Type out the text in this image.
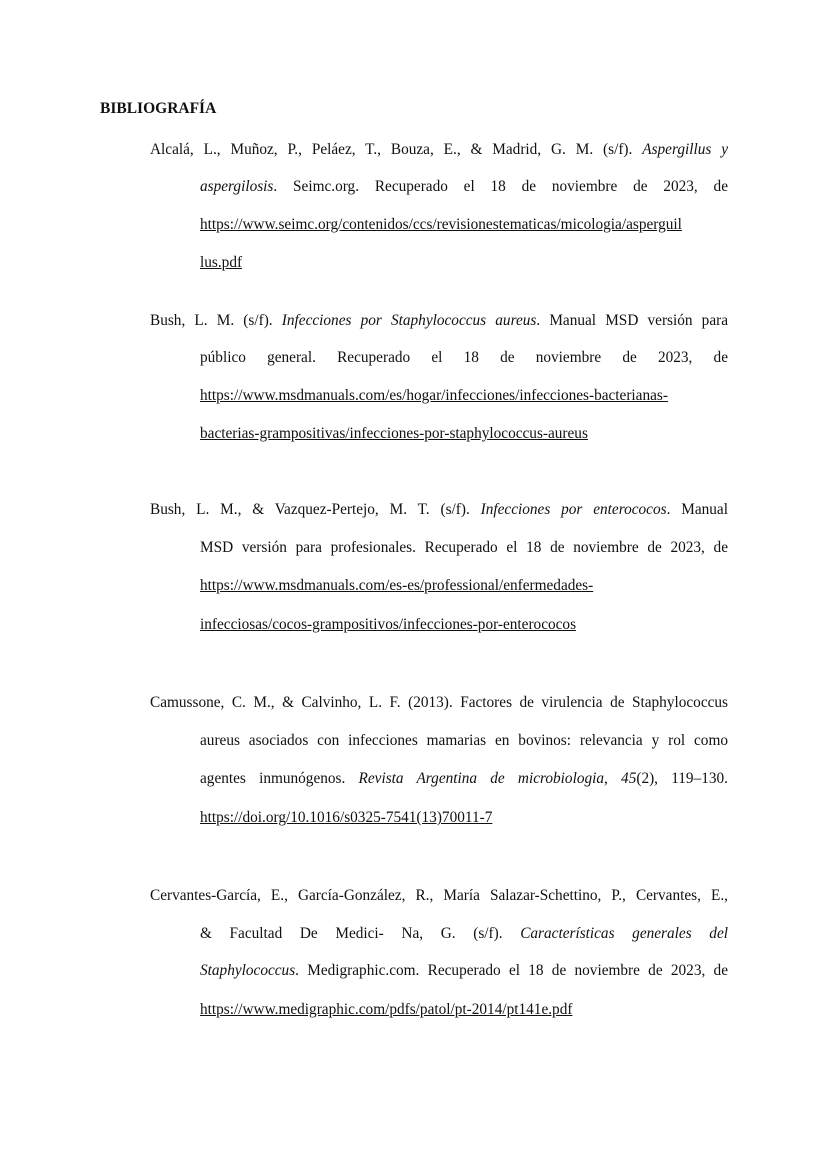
BIBLIOGRAFÍA
Alcalá, L., Muñoz, P., Peláez, T., Bouza, E., & Madrid, G. M. (s/f). Aspergillus y
aspergilosis. Seimc.org. Recuperado el 18 de noviembre de 2023, de
https://www.seimc.org/contenidos/ccs/revisionestematicas/micologia/asperguil
lus.pdf
Bush, L. M. (s/f). Infecciones por Staphylococcus aureus. Manual MSD versión para
público general. Recuperado el 18 de noviembre de 2023, de
https://www.msdmanuals.com/es/hogar/infecciones/infecciones-bacterianas-
bacterias-grampositivas/infecciones-por-staphylococcus-aureus
Bush, L. M., & Vazquez-Pertejo, M. T. (s/f). Infecciones por enterococos. Manual
MSD versión para profesionales. Recuperado el 18 de noviembre de 2023, de
https://www.msdmanuals.com/es-es/professional/enfermedades-
infecciosas/cocos-grampositivos/infecciones-por-enterococos
Camussone, C. M., & Calvinho, L. F. (2013). Factores de virulencia de Staphylococcus
aureus asociados con infecciones mamarias en bovinos: relevancia y rol como
agentes inmunógenos. Revista Argentina de microbiologia, 45(2), 119–130.
https://doi.org/10.1016/s0325-7541(13)70011-7
Cervantes-García, E., García-González, R., María Salazar-Schettino, P., Cervantes, E.,
& Facultad De Medici- Na, G. (s/f). Características generales del
Staphylococcus. Medigraphic.com. Recuperado el 18 de noviembre de 2023, de
https://www.medigraphic.com/pdfs/patol/pt-2014/pt141e.pdf
